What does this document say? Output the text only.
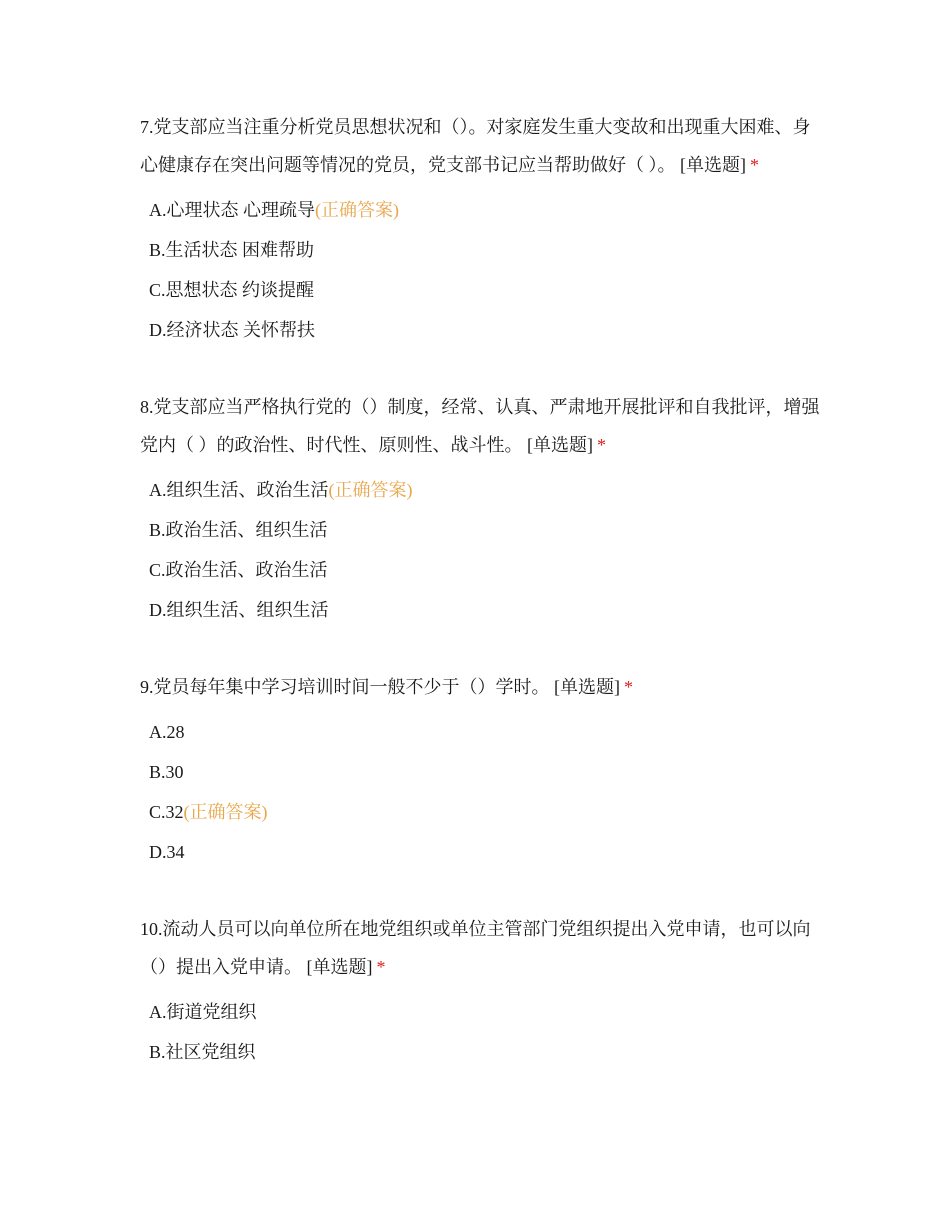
7.党支部应当注重分析党员思想状况和（）。对家庭发生重大变故和出现重大困难、身心健康存在突出问题等情况的党员，党支部书记应当帮助做好（ ）。 [单选题] *
A.心理状态 心理疏导(正确答案)
B.生活状态 困难帮助
C.思想状态 约谈提醒
D.经济状态 关怀帮扶
8.党支部应当严格执行党的（）制度，经常、认真、严肃地开展批评和自我批评，增强党内（ ）的政治性、时代性、原则性、战斗性。 [单选题] *
A.组织生活、政治生活(正确答案)
B.政治生活、组织生活
C.政治生活、政治生活
D.组织生活、组织生活
9.党员每年集中学习培训时间一般不少于（）学时。 [单选题] *
A.28
B.30
C.32(正确答案)
D.34
10.流动人员可以向单位所在地党组织或单位主管部门党组织提出入党申请，也可以向（）提出入党申请。 [单选题] *
A.街道党组织
B.社区党组织
